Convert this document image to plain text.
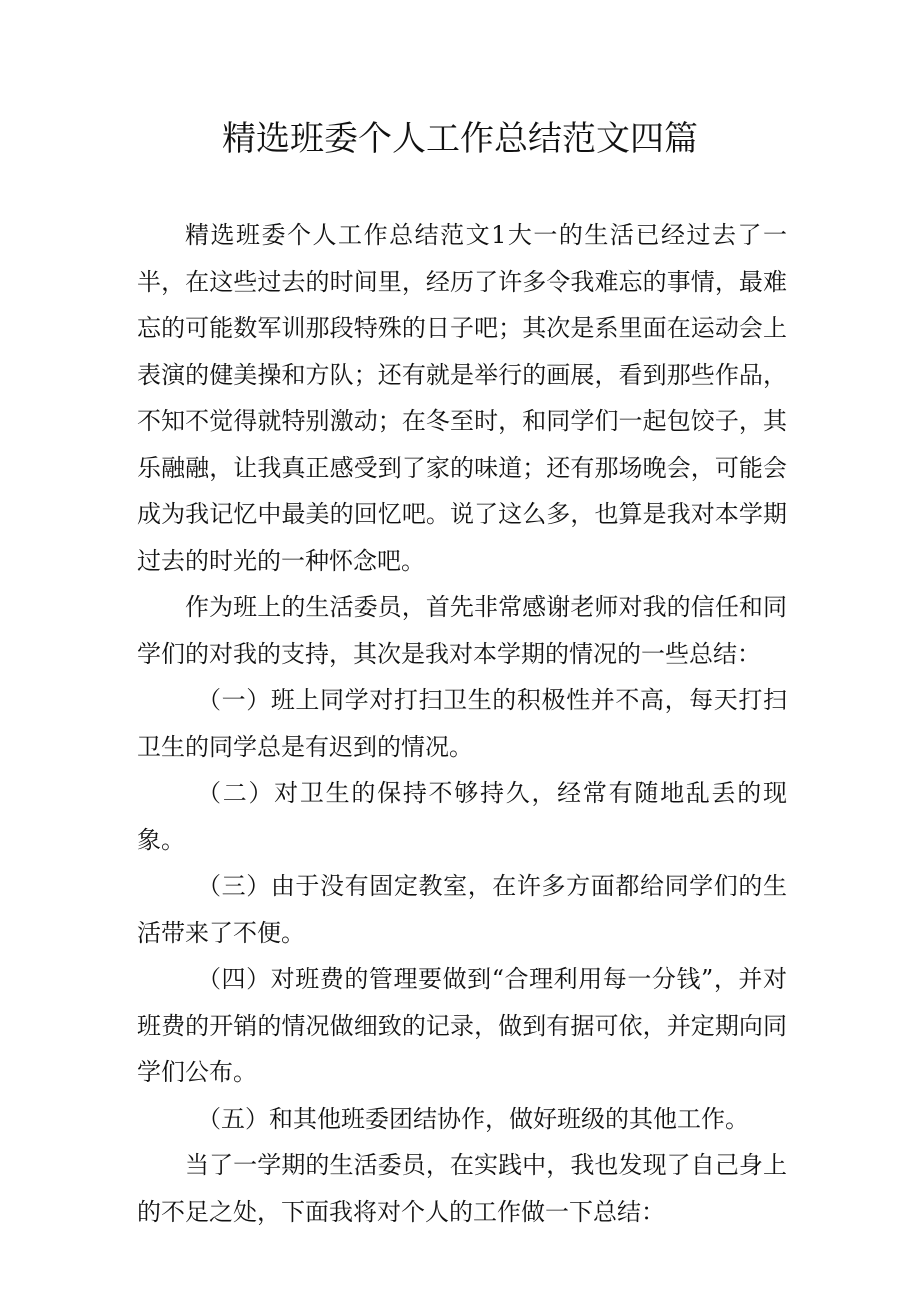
精选班委个人工作总结范文四篇

精选班委个人工作总结范文1大一的生活已经过去了一半，在这些过去的时间里，经历了许多令我难忘的事情，最难忘的可能数军训那段特殊的日子吧；其次是系里面在运动会上表演的健美操和方队；还有就是举行的画展，看到那些作品，不知不觉得就特别激动；在冬至时，和同学们一起包饺子，其乐融融，让我真正感受到了家的味道；还有那场晚会，可能会成为我记忆中最美的回忆吧。说了这么多，也算是我对本学期过去的时光的一种怀念吧。

作为班上的生活委员，首先非常感谢老师对我的信任和同学们的对我的支持，其次是我对本学期的情况的一些总结：

（一）班上同学对打扫卫生的积极性并不高，每天打扫卫生的同学总是有迟到的情况。

（二）对卫生的保持不够持久，经常有随地乱丢的现象。

（三）由于没有固定教室，在许多方面都给同学们的生活带来了不便。

（四）对班费的管理要做到“合理利用每一分钱”，并对班费的开销的情况做细致的记录，做到有据可依，并定期向同学们公布。

（五）和其他班委团结协作，做好班级的其他工作。

当了一学期的生活委员，在实践中，我也发现了自己身上的不足之处，下面我将对个人的工作做一下总结：
